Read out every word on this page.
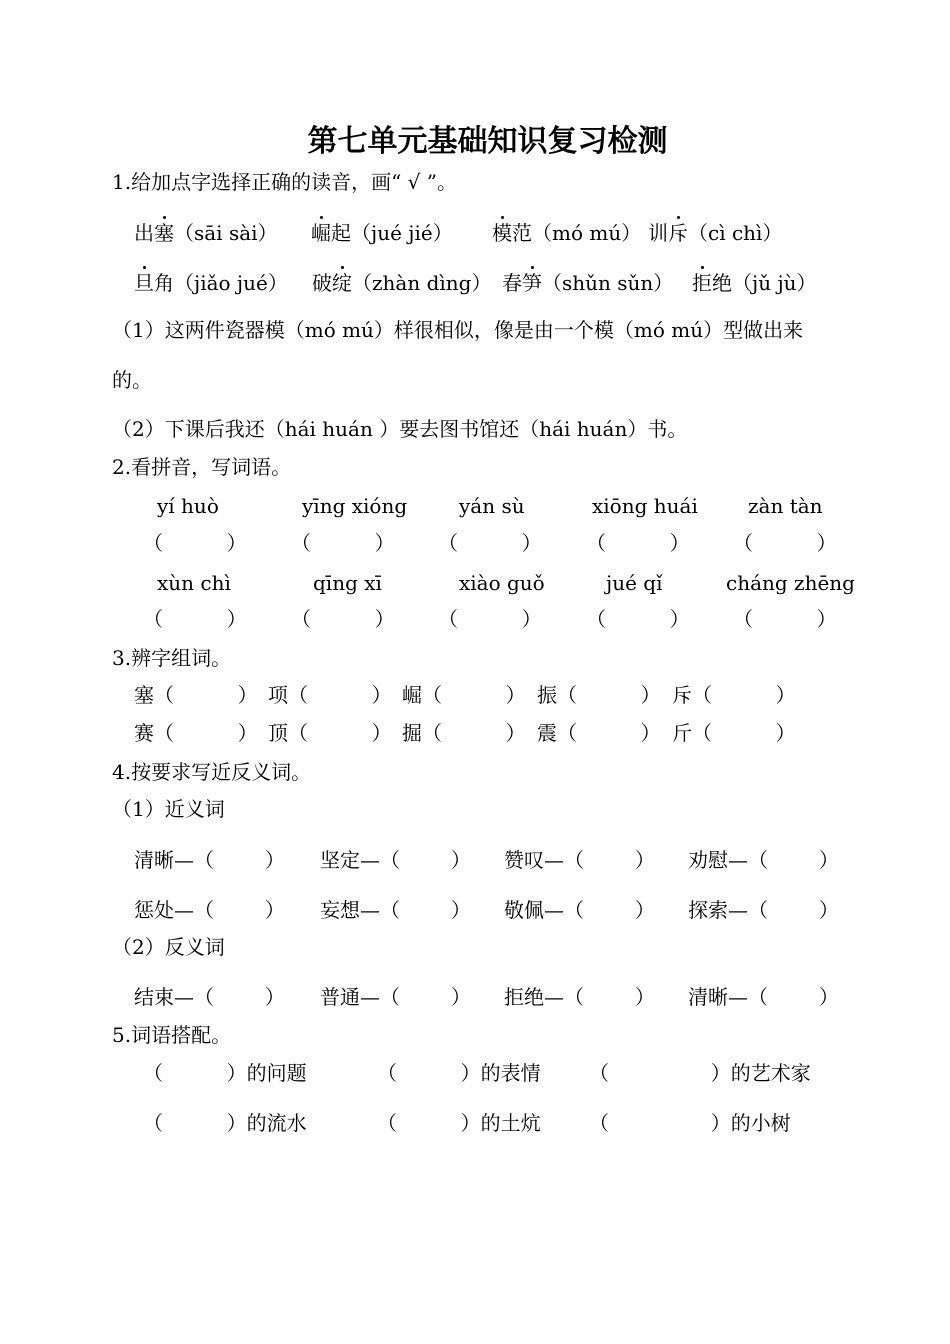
第七单元基础知识复习检测
1.给加点字选择正确的读音，画“ √ ”。
出塞（sāi sài） 崛起（jué jié） 模范（mó mú） 训斥（cì chì）
旦角（jiǎo jué） 破绽（zhàn dìng） 春笋（shǔn sǔn） 拒绝（jǔ jù）
（1）这两件瓷器模（mó mú）样很相似，像是由一个模（mó mú）型做出来
的。
（2）下课后我还（hái huán ）要去图书馆还（hái huán）书。
2.看拼音，写词语。
yí huò	yīng xióng	yán sù	xiōng huái	zàn tàn
（          ） （          ） （          ） （          ） （          ）
xùn chì	qīng xī	xiào guǒ	jué qǐ	cháng zhēng
（          ） （          ） （          ） （          ） （          ）
3.辨字组词。
塞（          ） 项（          ） 崛（          ） 振（          ） 斥（          ）
赛（          ） 顶（          ） 掘（          ） 震（          ） 斤（          ）
4.按要求写近反义词。
（1）近义词
清晰—（        ） 坚定—（        ） 赞叹—（        ） 劝慰—（        ）
惩处—（        ） 妄想—（        ） 敬佩—（        ） 探索—（        ）
（2）反义词
结束—（        ） 普通—（        ） 拒绝—（        ） 清晰—（        ）
5.词语搭配。
（          ）的问题	（          ）的表情 （                ）的艺术家
（          ）的流水	（          ）的土炕 （                ）的小树
